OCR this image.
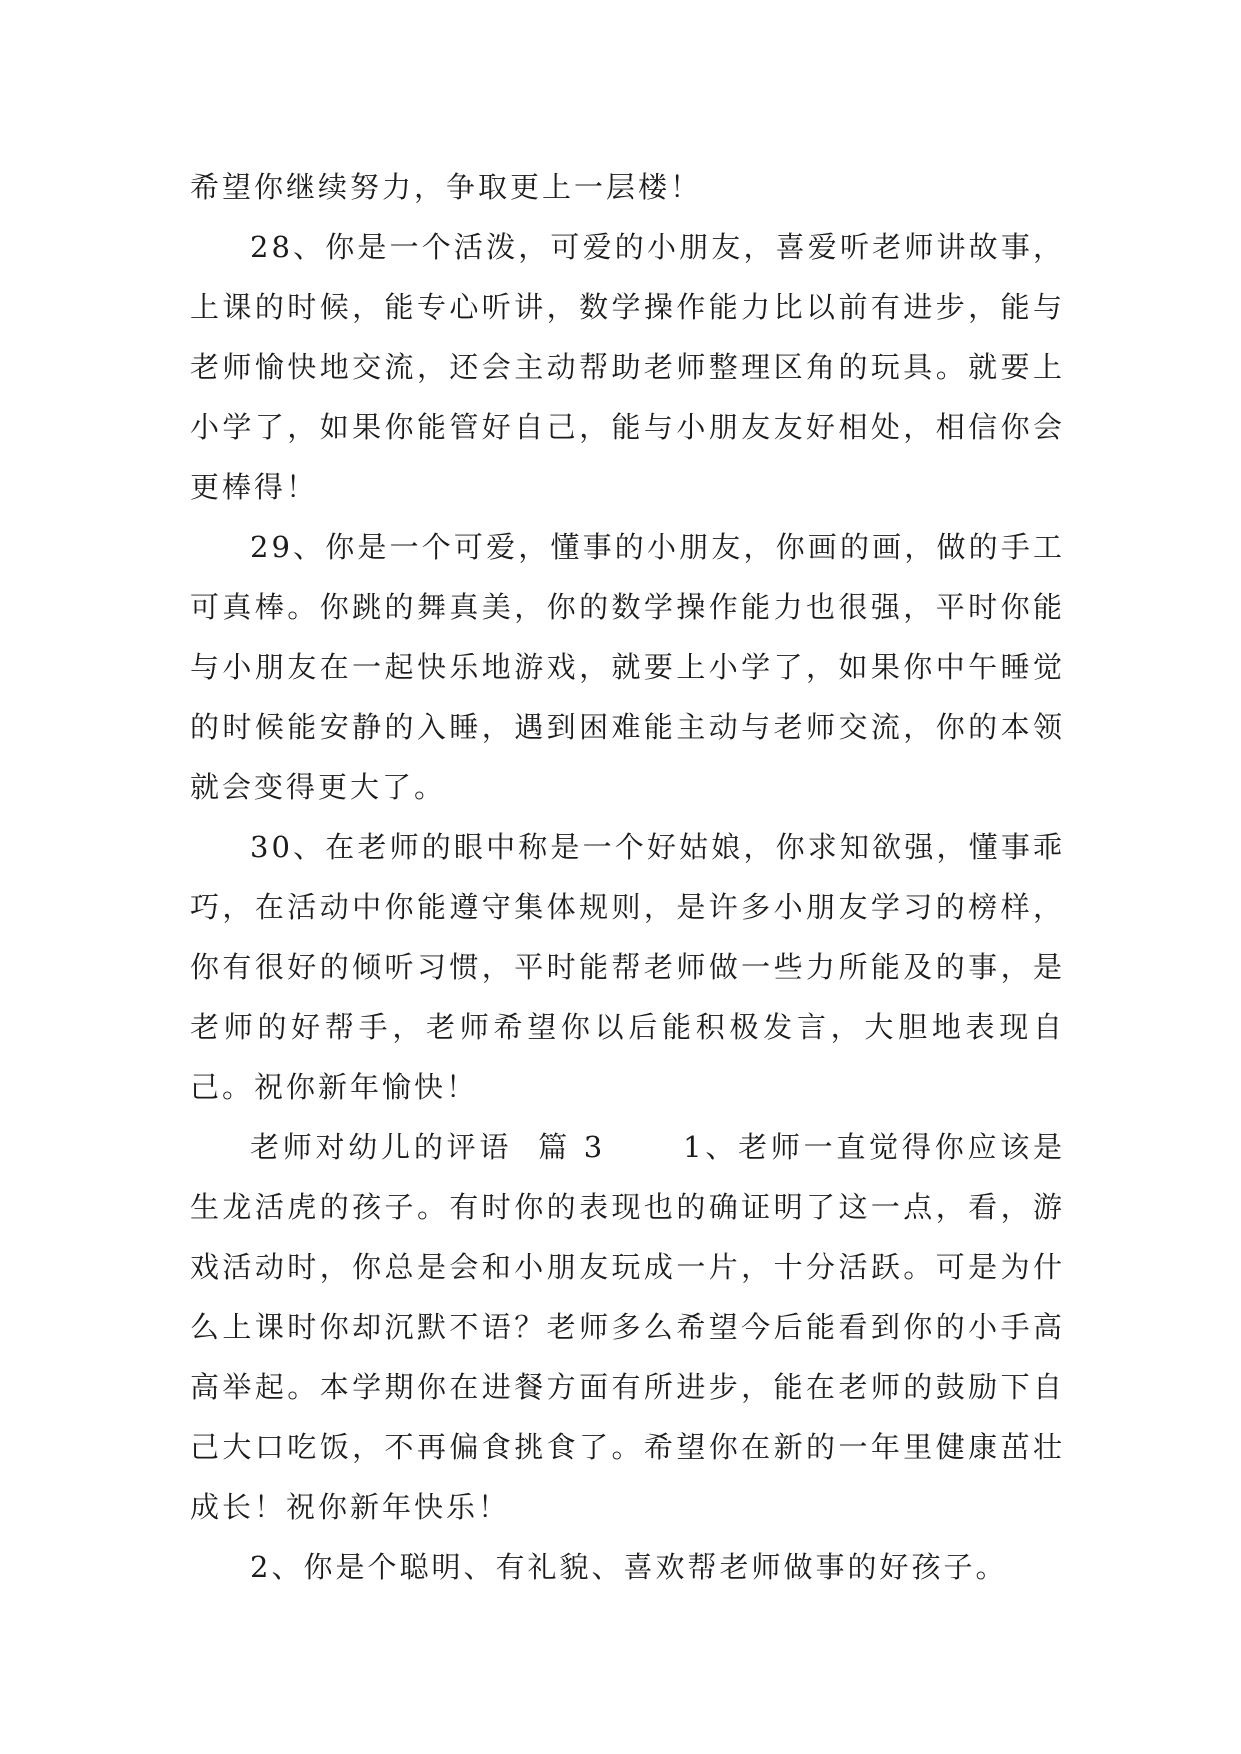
希望你继续努力，争取更上一层楼！

28、你是一个活泼，可爱的小朋友，喜爱听老师讲故事，上课的时候，能专心听讲，数学操作能力比以前有进步，能与老师愉快地交流，还会主动帮助老师整理区角的玩具。就要上小学了，如果你能管好自己，能与小朋友友好相处，相信你会更棒得！

29、你是一个可爱，懂事的小朋友，你画的画，做的手工可真棒。你跳的舞真美，你的数学操作能力也很强，平时你能与小朋友在一起快乐地游戏，就要上小学了，如果你中午睡觉的时候能安静的入睡，遇到困难能主动与老师交流，你的本领就会变得更大了。

30、在老师的眼中称是一个好姑娘，你求知欲强，懂事乖巧，在活动中你能遵守集体规则，是许多小朋友学习的榜样，你有很好的倾听习惯，平时能帮老师做一些力所能及的事，是老师的好帮手，老师希望你以后能积极发言，大胆地表现自己。祝你新年愉快！

老师对幼儿的评语  篇 3      1、老师一直觉得你应该是生龙活虎的孩子。有时你的表现也的确证明了这一点，看，游戏活动时，你总是会和小朋友玩成一片，十分活跃。可是为什么上课时你却沉默不语？老师多么希望今后能看到你的小手高高举起。本学期你在进餐方面有所进步，能在老师的鼓励下自己大口吃饭，不再偏食挑食了。希望你在新的一年里健康茁壮成长！祝你新年快乐！

2、你是个聪明、有礼貌、喜欢帮老师做事的好孩子。
